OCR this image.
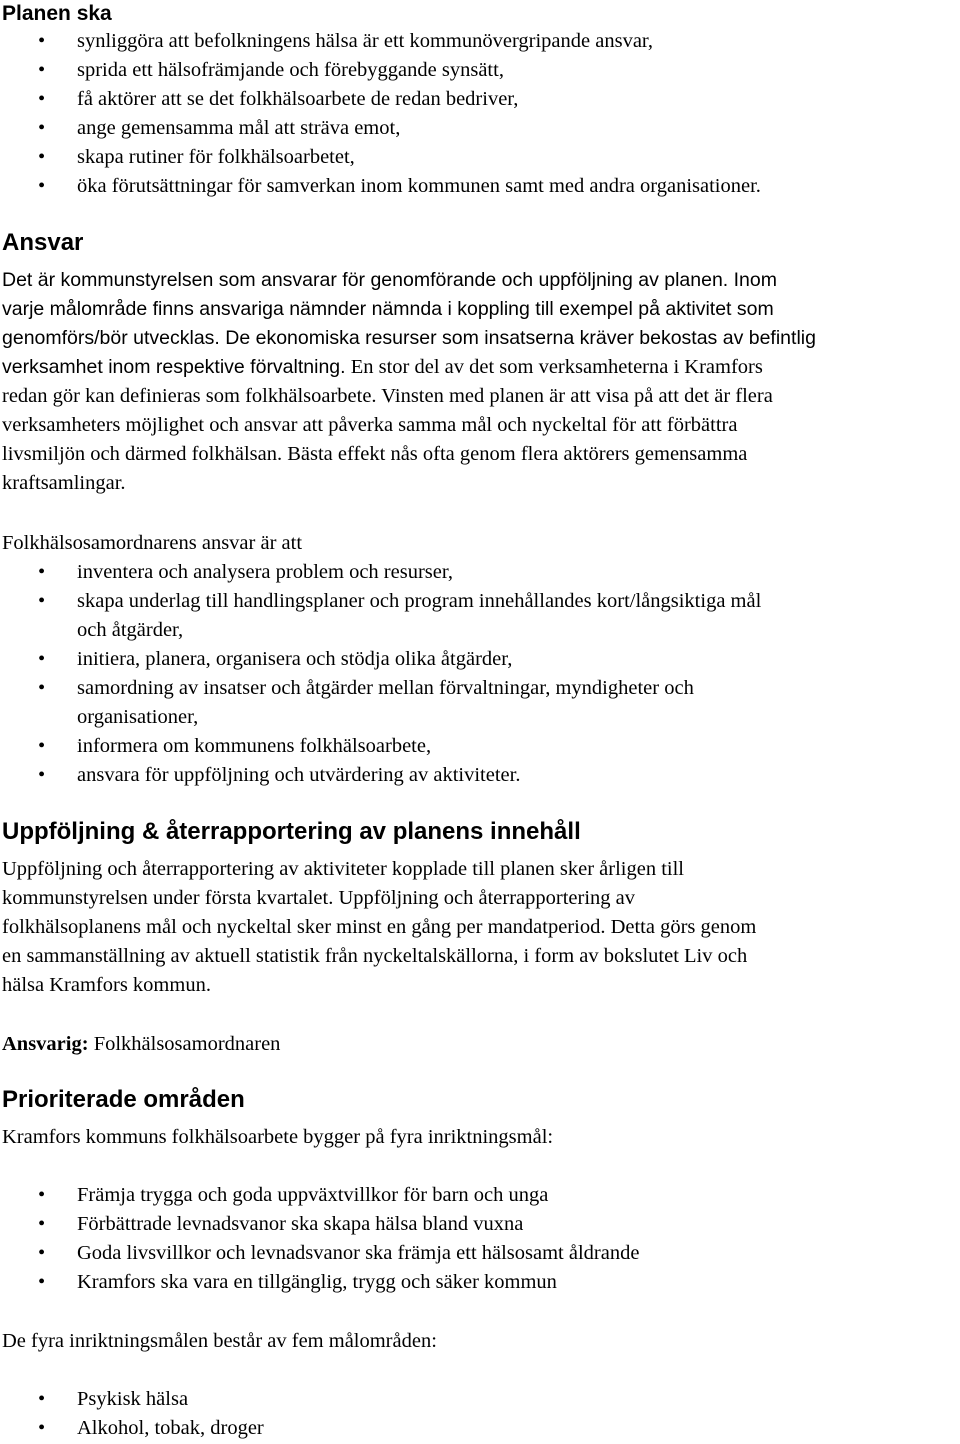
Planen ska
• synliggöra att befolkningens hälsa är ett kommunövergripande ansvar,
• sprida ett hälsofrämjande och förebyggande synsätt,
• få aktörer att se det folkhälsoarbete de redan bedriver,
• ange gemensamma mål att sträva emot,
• skapa rutiner för folkhälsoarbetet,
• öka förutsättningar för samverkan inom kommunen samt med andra organisationer.
Ansvar
Det är kommunstyrelsen som ansvarar för genomförande och uppföljning av planen. Inom
varje målområde finns ansvariga nämnder nämnda i koppling till exempel på aktivitet som
genomförs/bör utvecklas. De ekonomiska resurser som insatserna kräver bekostas av befintlig
verksamhet inom respektive förvaltning. En stor del av det som verksamheterna i Kramfors
redan gör kan definieras som folkhälsoarbete. Vinsten med planen är att visa på att det är flera
verksamheters möjlighet och ansvar att påverka samma mål och nyckeltal för att förbättra
livsmiljön och därmed folkhälsan. Bästa effekt nås ofta genom flera aktörers gemensamma
kraftsamlingar.
Folkhälsosamordnarens ansvar är att
• inventera och analysera problem och resurser,
• skapa underlag till handlingsplaner och program innehållandes kort/långsiktiga mål
och åtgärder,
• initiera, planera, organisera och stödja olika åtgärder,
• samordning av insatser och åtgärder mellan förvaltningar, myndigheter och
organisationer,
• informera om kommunens folkhälsoarbete,
• ansvara för uppföljning och utvärdering av aktiviteter.
Uppföljning & återrapportering av planens innehåll
Uppföljning och återrapportering av aktiviteter kopplade till planen sker årligen till
kommunstyrelsen under första kvartalet. Uppföljning och återrapportering av
folkhälsoplanens mål och nyckeltal sker minst en gång per mandatperiod. Detta görs genom
en sammanställning av aktuell statistik från nyckeltalskällorna, i form av bokslutet Liv och
hälsa Kramfors kommun.
Ansvarig: Folkhälsosamordnaren
Prioriterade områden
Kramfors kommuns folkhälsoarbete bygger på fyra inriktningsmål:
• Främja trygga och goda uppväxtvillkor för barn och unga
• Förbättrade levnadsvanor ska skapa hälsa bland vuxna
• Goda livsvillkor och levnadsvanor ska främja ett hälsosamt åldrande
• Kramfors ska vara en tillgänglig, trygg och säker kommun
De fyra inriktningsmålen består av fem målområden:
• Psykisk hälsa
• Alkohol, tobak, droger
